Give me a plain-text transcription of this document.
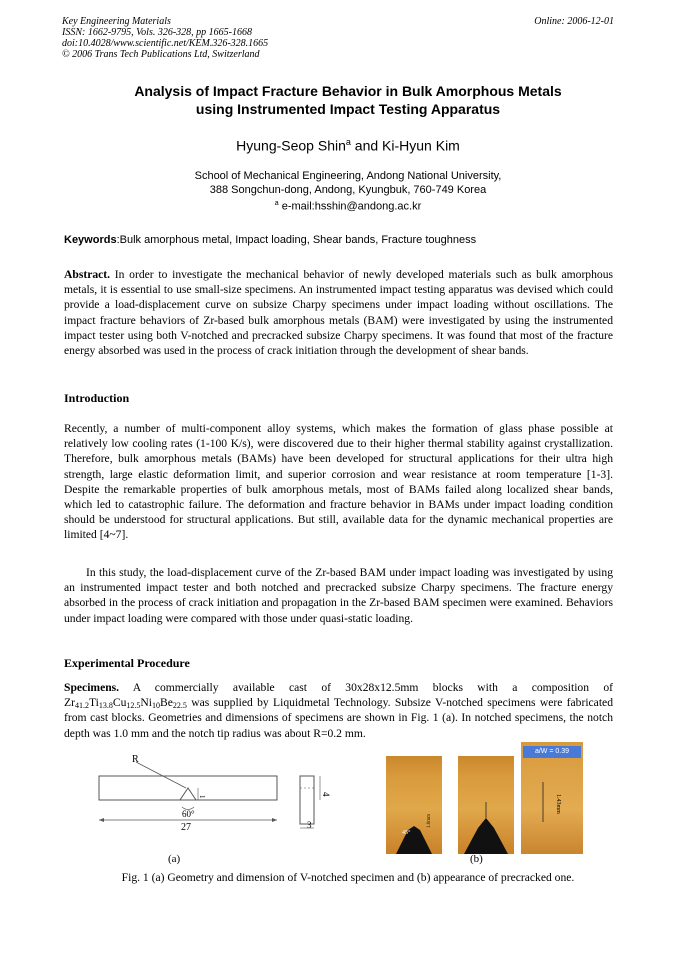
Key Engineering Materials
ISSN: 1662-9795, Vols. 326-328, pp 1665-1668
doi:10.4028/www.scientific.net/KEM.326-328.1665
© 2006 Trans Tech Publications Ltd, Switzerland
Online: 2006-12-01
Analysis of Impact Fracture Behavior in Bulk Amorphous Metals
using Instrumented Impact Testing Apparatus
Hyung-Seop Shin$^a$ and Ki-Hyun Kim
School of Mechanical Engineering, Andong National University,
388 Songchun-dong, Andong, Kyungbuk, 760-749 Korea
$^a$ e-mail:hsshin@andong.ac.kr
Keywords:Bulk amorphous metal, Impact loading, Shear bands, Fracture toughness
Abstract. In order to investigate the mechanical behavior of newly developed materials such as bulk amorphous metals, it is essential to use small-size specimens. An instrumented impact testing apparatus was devised which could provide a load-displacement curve on subsize Charpy specimens under impact loading without oscillations. The impact fracture behaviors of Zr-based bulk amorphous metals (BAM) were investigated by using the instrumented impact tester using both V-notched and precracked subsize Charpy specimens. It was found that most of the fracture energy absorbed was used in the process of crack initiation through the development of shear bands.
Introduction
Recently, a number of multi-component alloy systems, which makes the formation of glass phase possible at relatively low cooling rates (1-100 K/s), were discovered due to their higher thermal stability against crystallization. Therefore, bulk amorphous metals (BAMs) have been developed for structural applications for their ultra high strength, large elastic deformation limit, and superior corrosion and wear resistance at room temperature [1-3]. Despite the remarkable properties of bulk amorphous metals, most of BAMs failed along localized shear bands, which led to catastrophic failure. The deformation and fracture behavior in BAMs under impact loading condition should be understood for structural applications. But still, available data for the dynamic mechanical properties are limited [4~7].
In this study, the load-displacement curve of the Zr-based BAM under impact loading was investigated by using an instrumented impact tester and both notched and precracked subsize Charpy specimens. The fracture energy absorbed in the process of crack initiation and propagation in the Zr-based BAM specimen were examined. Behaviors under impact loading were compared with those under quasi-static loading.
Experimental Procedure
Specimens. A commercially available cast of 30x28x12.5mm blocks with a composition of $Zr_{41.2}Ti_{13.8}Cu_{12.5}Ni_{10}Be_{22.5}$ was supplied by Liquidmetal Technology. Subsize V-notched specimens were fabricated from cast blocks. Geometries and dimensions of specimens are shown in Fig. 1 (a). In notched specimens, the notch depth was 1.0 mm and the notch tip radius was about R=0.2 mm.
R
1
60°
27
4
3
45°
1.0mm
a/W = 0.39
1.43mm
(a)	(b)
Fig. 1 (a) Geometry and dimension of V-notched specimen and (b) appearance of precracked one.
